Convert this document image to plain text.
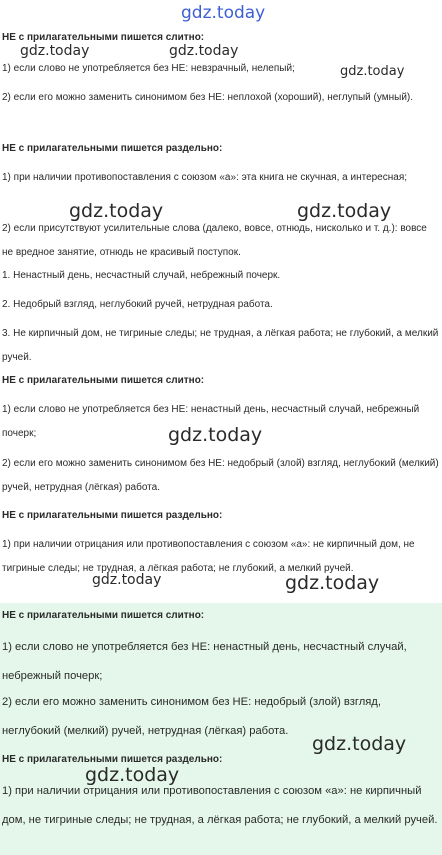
gdz.today

НЕ с прилагательными пишется слитно:

1) если слово не употребляется без НЕ: невзрачный, нелепый;

2) если его можно заменить синонимом без НЕ: неплохой (хороший), неглупый (умный).

НЕ с прилагательными пишется раздельно:

1) при наличии противопоставления с союзом «а»: эта книга не скучная, а интересная;

2) если присутствуют усилительные слова (далеко, вовсе, отнюдь, нисколько и т. д.): вовсе не вредное занятие, отнюдь не красивый поступок.

1. Ненастный день, несчастный случай, небрежный почерк.

2. Недобрый взгляд, неглубокий ручей, нетрудная работа.

3. Не кирпичный дом, не тигриные следы; не трудная, а лёгкая работа; не глубокий, а мелкий ручей.

НЕ с прилагательными пишется слитно:

1) если слово не употребляется без НЕ: ненастный день, несчастный случай, небрежный почерк;

2) если его можно заменить синонимом без НЕ: недобрый (злой) взгляд, неглубокий (мелкий) ручей, нетрудная (лёгкая) работа.

НЕ с прилагательными пишется раздельно:

1) при наличии отрицания или противопоставления с союзом «а»: не кирпичный дом, не тигриные следы; не трудная, а лёгкая работа; не глубокий, а мелкий ручей.

НЕ с прилагательными пишется слитно:

1) если слово не употребляется без НЕ: ненастный день, несчастный случай, небрежный почерк;

2) если его можно заменить синонимом без НЕ: недобрый (злой) взгляд, неглубокий (мелкий) ручей, нетрудная (лёгкая) работа.

НЕ с прилагательными пишется раздельно:

1) при наличии отрицания или противопоставления с союзом «а»: не кирпичный дом, не тигриные следы; не трудная, а лёгкая работа; не глубокий, а мелкий ручей.

gdz.today	gdz.today
gdz.today
gdz.today	gdz.today
gdz.today
gdz.today	gdz.today
gdz.today
gdz.today
